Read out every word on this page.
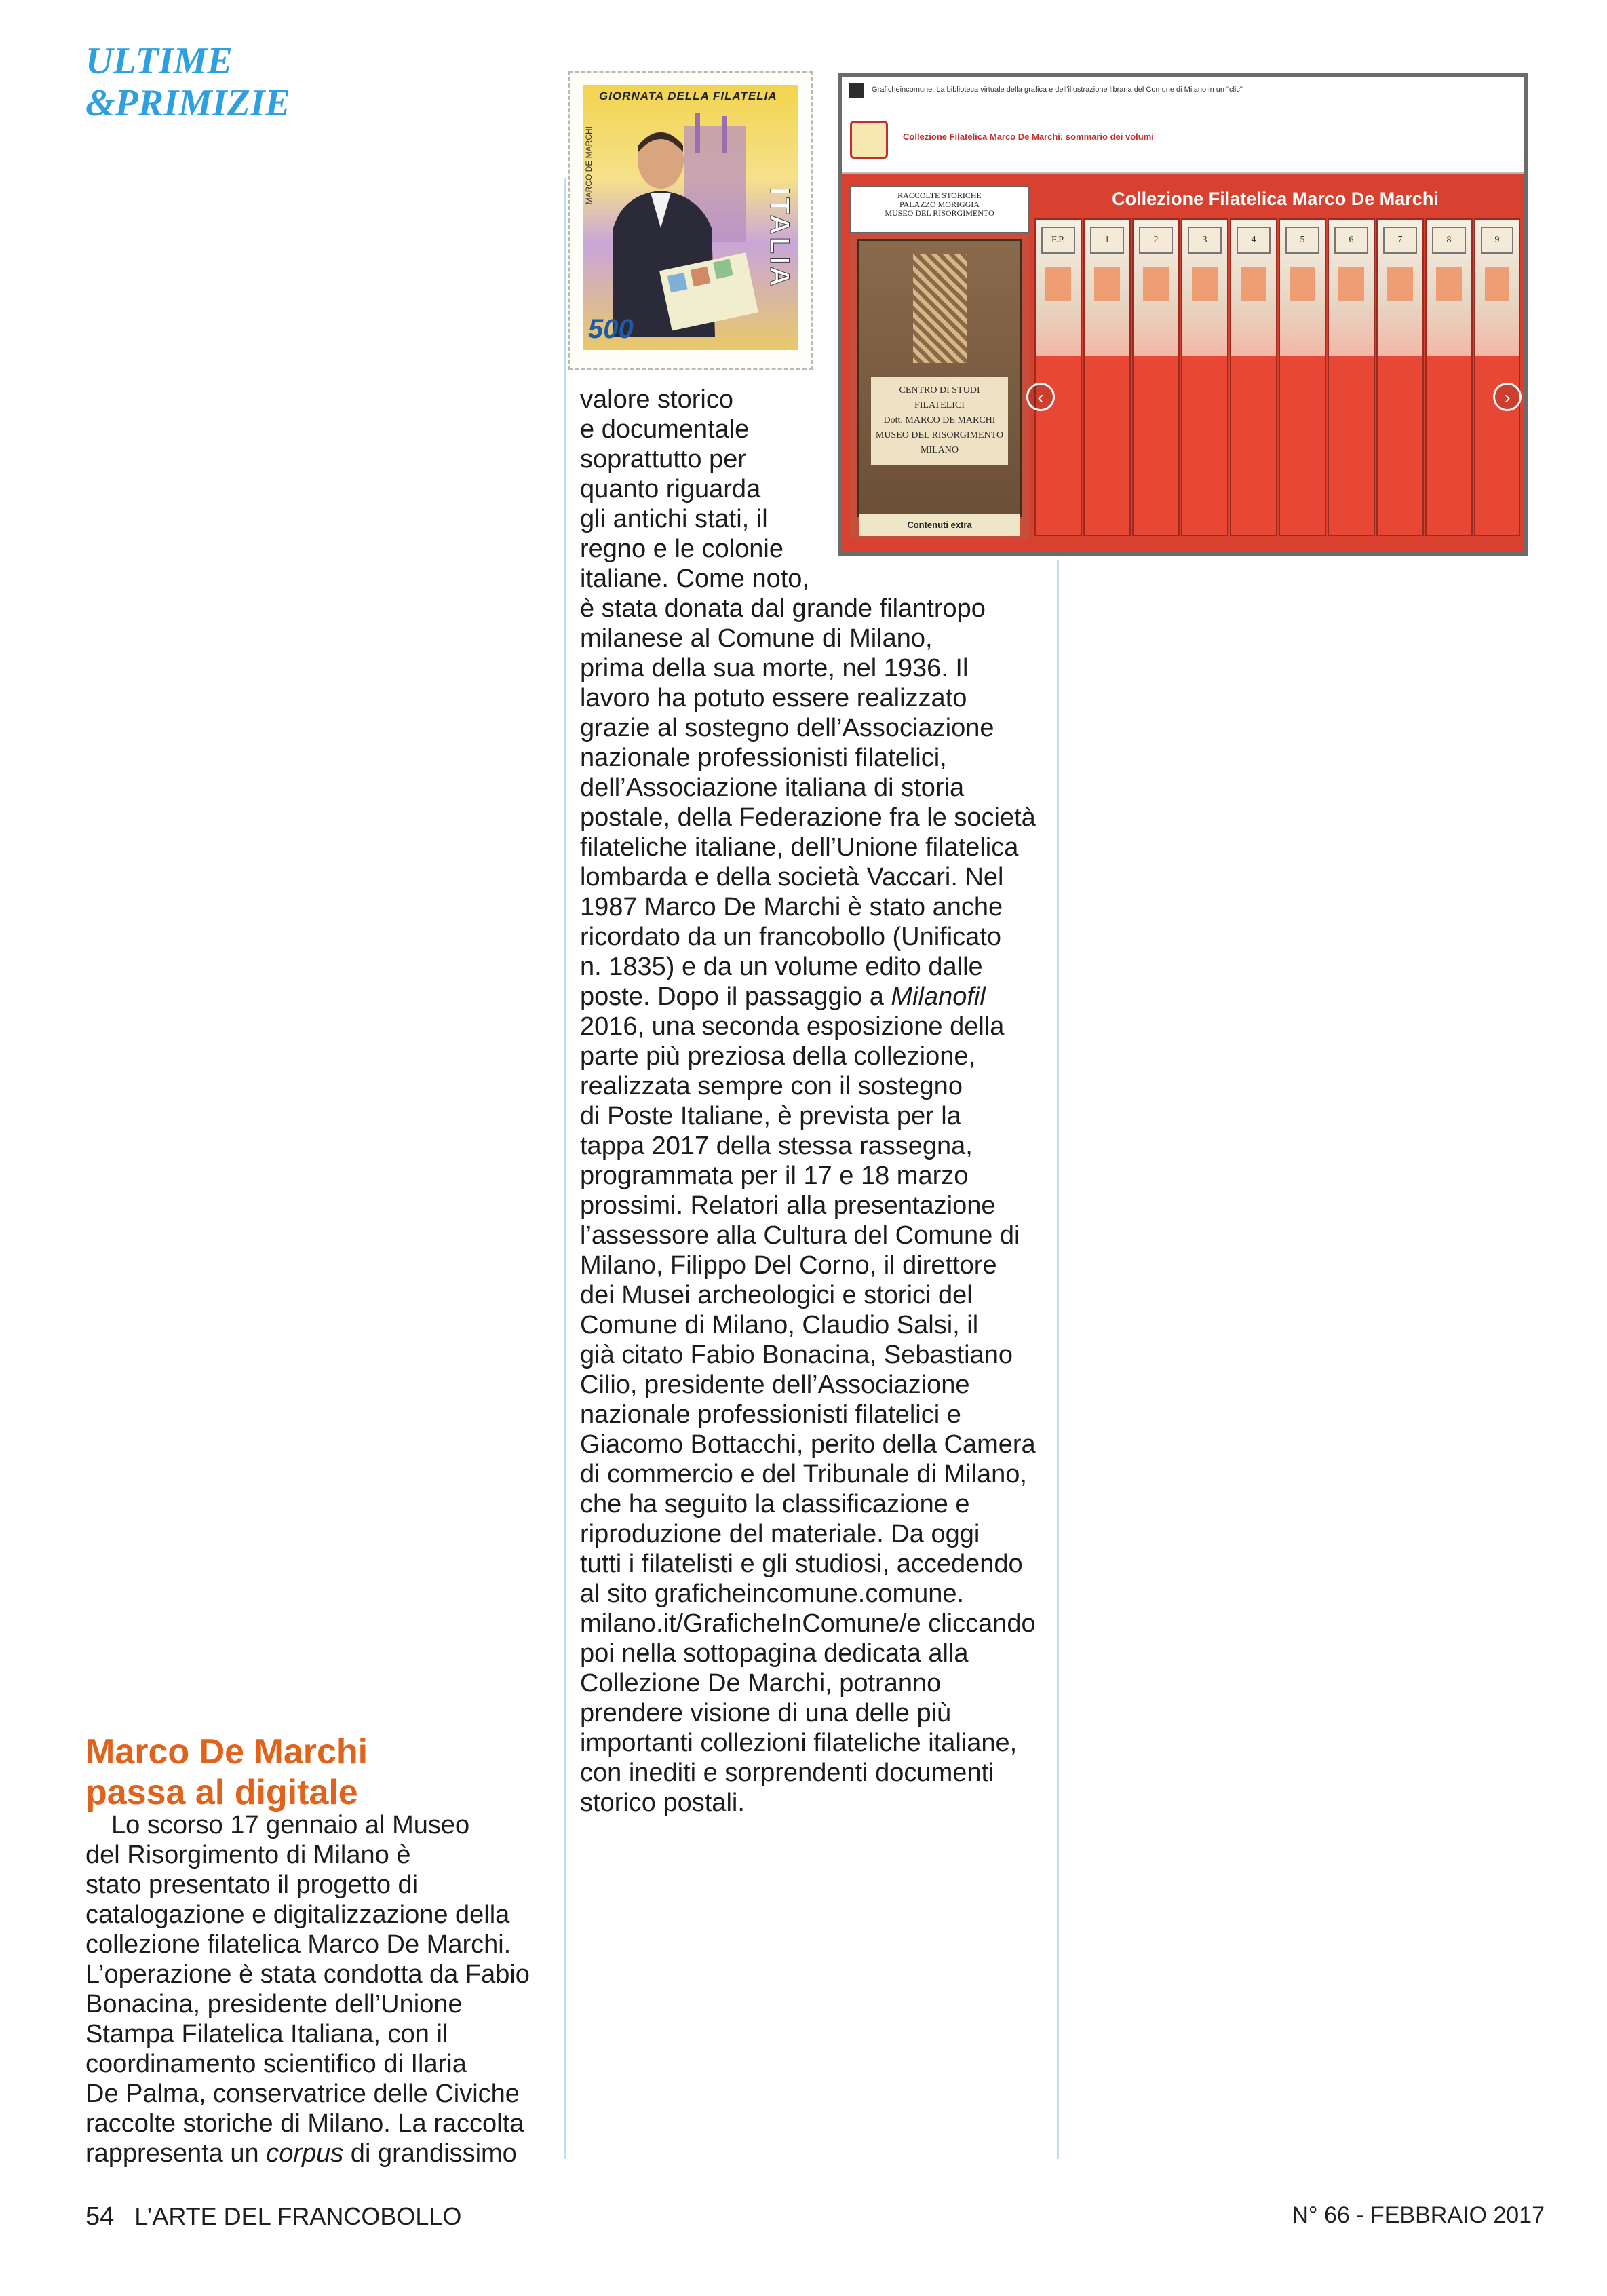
ULTIME
&PRIMIZIE	GIORNATA DELLA FILATELIA
MARCO DE MARCHI
ITALIA
500
Graficheincomune. La biblioteca virtuale della grafica e dell'illustrazione libraria del Comune di Milano in un "clic"
Collezione Filatelica Marco De Marchi: sommario dei volumi
Collezione Filatelica Marco De Marchi
RACCOLTE STORICHE
PALAZZO MORIGGIA
MUSEO DEL RISORGIMENTO
CENTRO DI STUDI FILATELICI
Dott. MARCO DE MARCHI
MUSEO DEL RISORGIMENTO
MILANO
Contenuti extra
F.P.	1	2	3	4	5	6	7	8	9
‹	›
valore storico
e documentale
soprattutto per
quanto riguarda
gli antichi stati, il
regno e le colonie
italiane. Come noto,
è stata donata dal grande filantropo
milanese al Comune di Milano,
prima della sua morte, nel 1936. Il
lavoro ha potuto essere realizzato
grazie al sostegno dell’Associazione
nazionale professionisti filatelici,
dell’Associazione italiana di storia
postale, della Federazione fra le società
filateliche italiane, dell’Unione filatelica
lombarda e della società Vaccari. Nel
1987 Marco De Marchi è stato anche
ricordato da un francobollo (Unificato
n. 1835) e da un volume edito dalle
poste. Dopo il passaggio a Milanofil
2016, una seconda esposizione della
parte più preziosa della collezione,
realizzata sempre con il sostegno
di Poste Italiane, è prevista per la
tappa 2017 della stessa rassegna,
programmata per il 17 e 18 marzo
prossimi. Relatori alla presentazione
l’assessore alla Cultura del Comune di
Milano, Filippo Del Corno, il direttore
dei Musei archeologici e storici del
Comune di Milano, Claudio Salsi, il
già citato Fabio Bonacina, Sebastiano
Cilio, presidente dell’Associazione
nazionale professionisti filatelici e
Giacomo Bottacchi, perito della Camera
di commercio e del Tribunale di Milano,
che ha seguito la classificazione e
riproduzione del materiale. Da oggi
tutti i filatelisti e gli studiosi, accedendo
al sito graficheincomune.comune.
milano.it/GraficheInComune/e cliccando
poi nella sottopagina dedicata alla
Collezione De Marchi, potranno
prendere visione di una delle più
importanti collezioni filateliche italiane,
con inediti e sorprendenti documenti
storico postali.
Marco De Marchi
passa al digitale
Lo scorso 17 gennaio al Museo
del Risorgimento di Milano è
stato presentato il progetto di
catalogazione e digitalizzazione della
collezione filatelica Marco De Marchi.
L’operazione è stata condotta da Fabio
Bonacina, presidente dell’Unione
Stampa Filatelica Italiana, con il
coordinamento scientifico di Ilaria
De Palma, conservatrice delle Civiche
raccolte storiche di Milano. La raccolta
rappresenta un corpus di grandissimo
54 L’ARTE DEL FRANCOBOLLO	N° 66 - FEBBRAIO 2017
